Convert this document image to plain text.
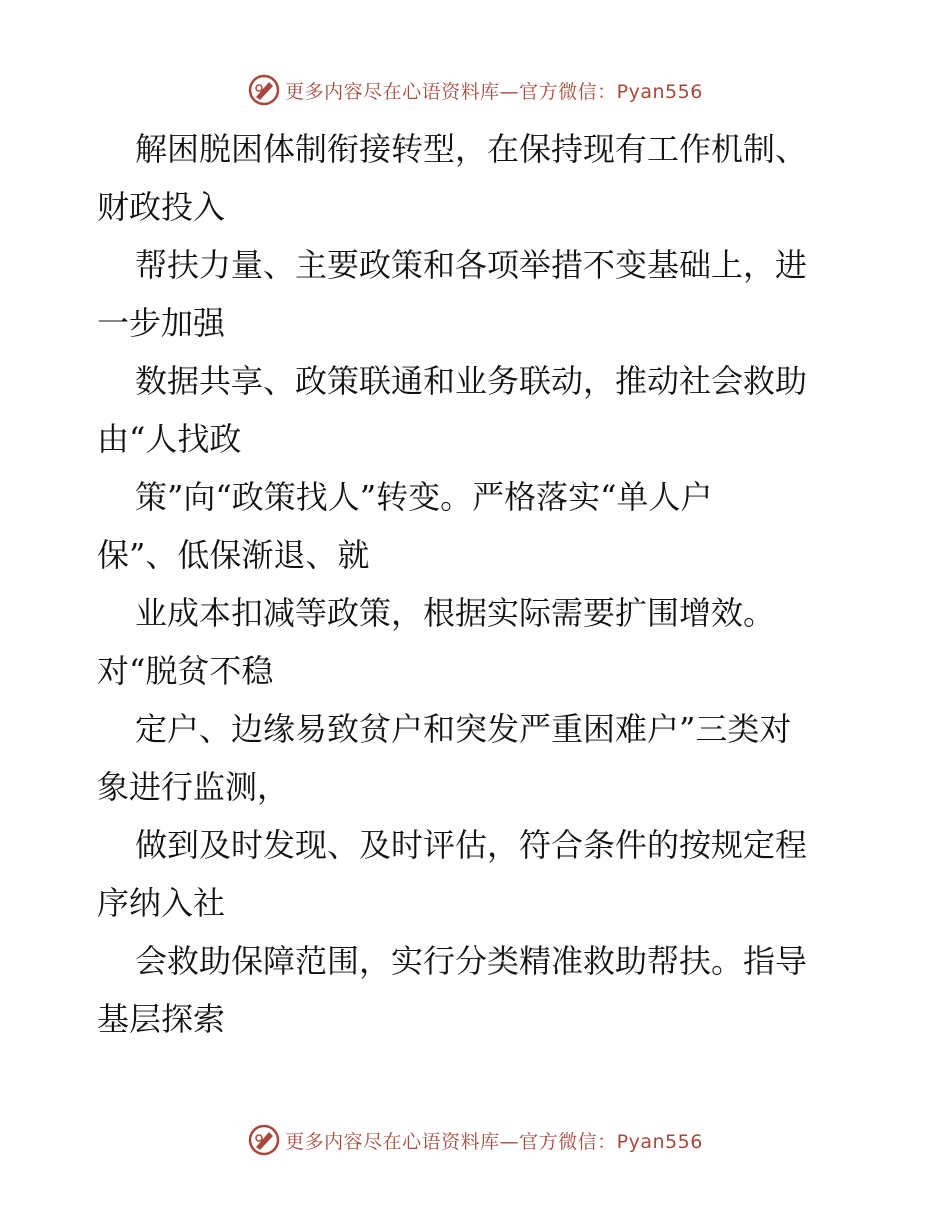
更多内容尽在心语资料库—官方微信：Pyan556

解困脱困体制衔接转型，在保持现有工作机制、
财政投入

帮扶力量、主要政策和各项举措不变基础上，进
一步加强

数据共享、政策联通和业务联动，推动社会救助
由“人找政

策”向“政策找人”转变。严格落实“单人户
保”、低保渐退、就

业成本扣减等政策，根据实际需要扩围增效。
对“脱贫不稳

定户、边缘易致贫户和突发严重困难户”三类对
象进行监测，

做到及时发现、及时评估，符合条件的按规定程
序纳入社

会救助保障范围，实行分类精准救助帮扶。指导
基层探索

更多内容尽在心语资料库—官方微信：Pyan556
